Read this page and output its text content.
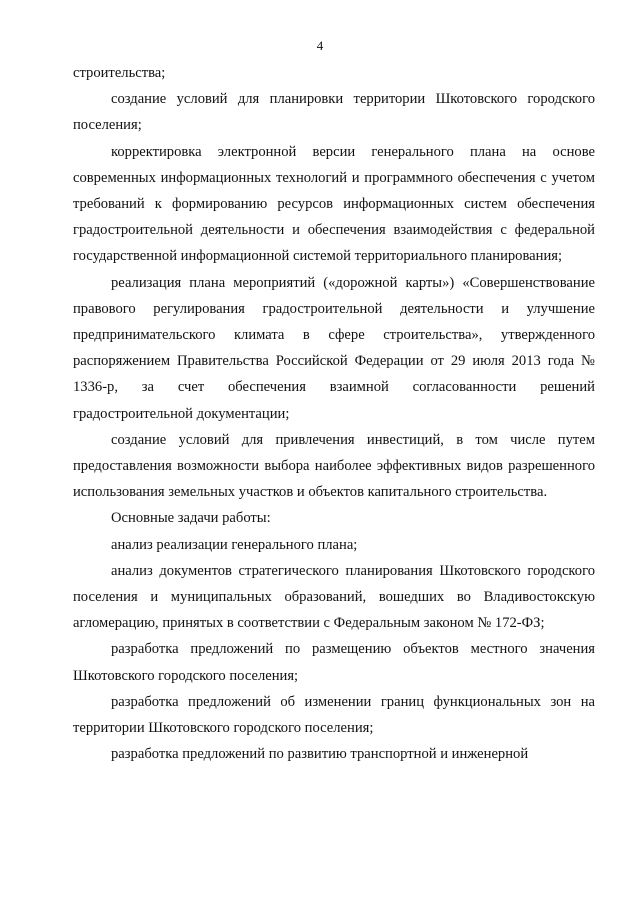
4

строительства;

создание условий для планировки территории Шкотовского городского поселения;

корректировка электронной версии генерального плана на основе современных информационных технологий и программного обеспечения с учетом требований к формированию ресурсов информационных систем обеспечения градостроительной деятельности и обеспечения взаимодействия с федеральной государственной информационной системой территориального планирования;

реализация плана мероприятий («дорожной карты») «Совершенствование правового регулирования градостроительной деятельности и улучшение предпринимательского климата в сфере строительства», утвержденного распоряжением Правительства Российской Федерации от 29 июля 2013 года № 1336-р, за счет обеспечения взаимной согласованности решений градостроительной документации;

создание условий для привлечения инвестиций, в том числе путем предоставления возможности выбора наиболее эффективных видов разрешенного использования земельных участков и объектов капитального строительства.

Основные задачи работы:

анализ реализации генерального плана;

анализ документов стратегического планирования Шкотовского городского поселения и муниципальных образований, вошедших во Владивостокскую агломерацию, принятых в соответствии с Федеральным законом № 172-ФЗ;

разработка предложений по размещению объектов местного значения Шкотовского городского поселения;

разработка предложений об изменении границ функциональных зон на территории Шкотовского городского поселения;

разработка предложений по развитию транспортной и инженерной
